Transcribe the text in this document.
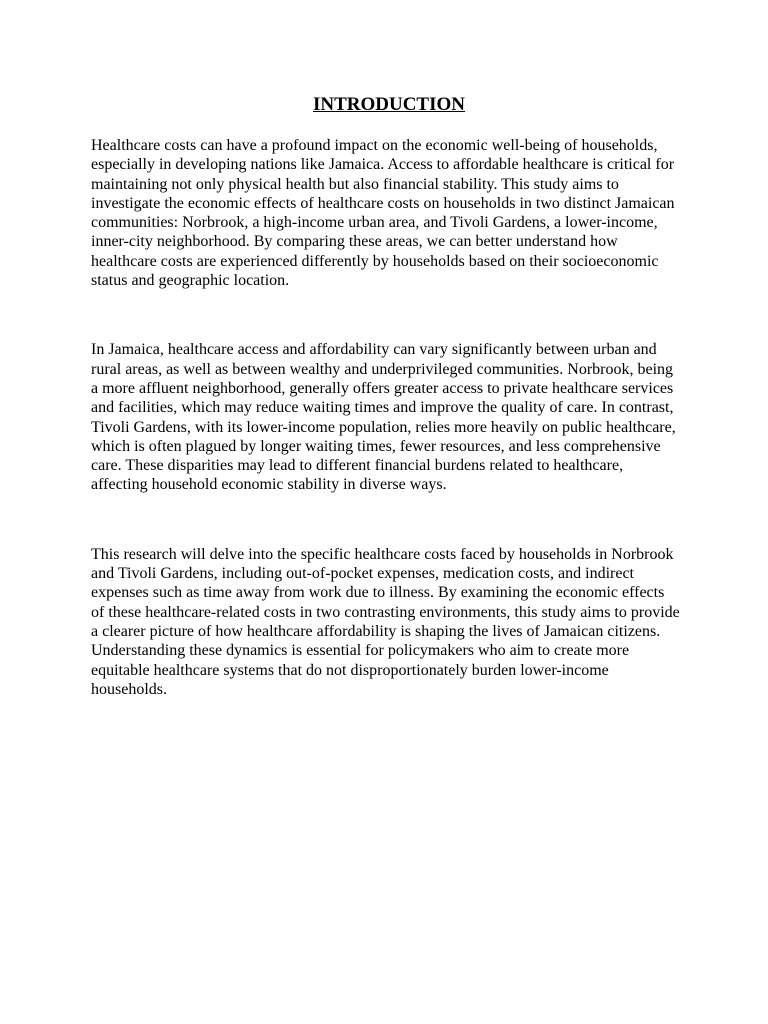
INTRODUCTION

Healthcare costs can have a profound impact on the economic well-being of households, especially in developing nations like Jamaica. Access to affordable healthcare is critical for maintaining not only physical health but also financial stability. This study aims to investigate the economic effects of healthcare costs on households in two distinct Jamaican communities: Norbrook, a high-income urban area, and Tivoli Gardens, a lower-income, inner-city neighborhood. By comparing these areas, we can better understand how healthcare costs are experienced differently by households based on their socioeconomic status and geographic location.

In Jamaica, healthcare access and affordability can vary significantly between urban and rural areas, as well as between wealthy and underprivileged communities. Norbrook, being a more affluent neighborhood, generally offers greater access to private healthcare services and facilities, which may reduce waiting times and improve the quality of care. In contrast, Tivoli Gardens, with its lower-income population, relies more heavily on public healthcare, which is often plagued by longer waiting times, fewer resources, and less comprehensive care. These disparities may lead to different financial burdens related to healthcare, affecting household economic stability in diverse ways.

This research will delve into the specific healthcare costs faced by households in Norbrook and Tivoli Gardens, including out-of-pocket expenses, medication costs, and indirect expenses such as time away from work due to illness. By examining the economic effects of these healthcare-related costs in two contrasting environments, this study aims to provide a clearer picture of how healthcare affordability is shaping the lives of Jamaican citizens. Understanding these dynamics is essential for policymakers who aim to create more equitable healthcare systems that do not disproportionately burden lower-income households.
